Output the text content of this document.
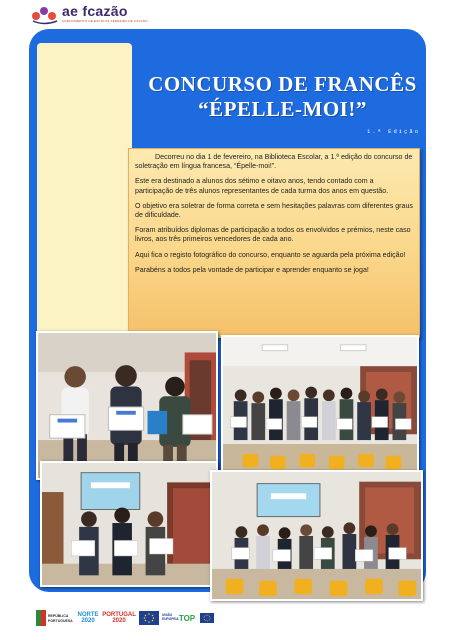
ae fcazão
AGRUPAMENTO DE ESCOLAS FERREIRA DE CASTRO
CONCURSO DE FRANCÊS
“ÉPELLE-MOI!”
1.ª Edição

Decorreu no dia 1 de fevereiro, na Biblioteca Escolar, a 1.ª edição do concurso de soletração em língua francesa, “Épelle-moi!”.

Este era destinado a alunos dos sétimo e oitavo anos, tendo contado com a participação de três alunos representantes de cada turma dos anos em questão.

O objetivo era soletrar de forma correta e sem hesitações palavras com diferentes graus de dificuldade.

Foram atribuídos diplomas de participação a todos os envolvidos e prémios, neste caso livros, aos três primeiros vencedores de cada ano.

Aqui fica o registo fotográfico do concurso, enquanto se aguarda pela próxima edição!

Parabéns a todos pela vontade de participar e aprender enquanto se joga!

REPÚBLICA
PORTUGUESA
NORTE 2020
PORTUGAL 2020
UNIÃO EUROPEIA TOP
